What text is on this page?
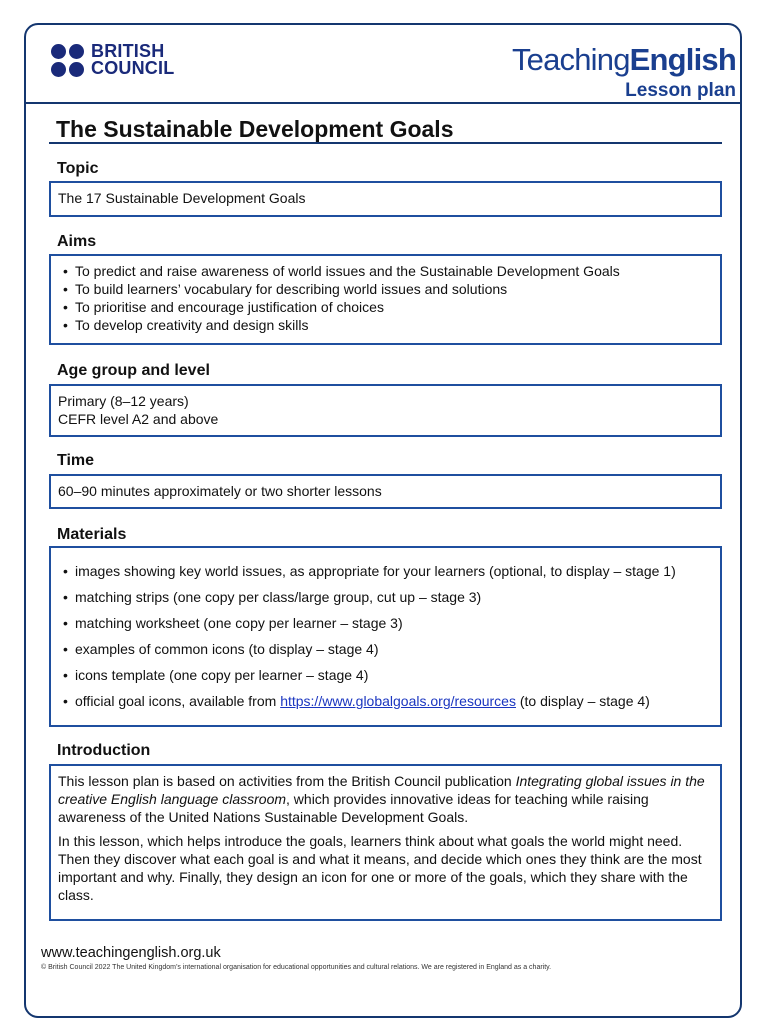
BRITISH
COUNCIL	TeachingEnglish
Lesson plan
The Sustainable Development Goals
Topic
The 17 Sustainable Development Goals
Aims
• To predict and raise awareness of world issues and the Sustainable Development Goals
• To build learners’ vocabulary for describing world issues and solutions
• To prioritise and encourage justification of choices
• To develop creativity and design skills
Age group and level
Primary (8–12 years)
CEFR level A2 and above
Time
60–90 minutes approximately or two shorter lessons
Materials
• images showing key world issues, as appropriate for your learners (optional, to display – stage 1)
• matching strips (one copy per class/large group, cut up – stage 3)
• matching worksheet (one copy per learner – stage 3)
• examples of common icons (to display – stage 4)
• icons template (one copy per learner – stage 4)
• official goal icons, available from https://www.globalgoals.org/resources (to display – stage 4)
Introduction

This lesson plan is based on activities from the British Council publication Integrating global issues in the creative English language classroom, which provides innovative ideas for teaching while raising awareness of the United Nations Sustainable Development Goals.

In this lesson, which helps introduce the goals, learners think about what goals the world might need. Then they discover what each goal is and what it means, and decide which ones they think are the most important and why. Finally, they design an icon for one or more of the goals, which they share with the class.

www.teachingenglish.org.uk
© British Council 2022 The United Kingdom’s international organisation for educational opportunities and cultural relations. We are registered in England as a charity.
